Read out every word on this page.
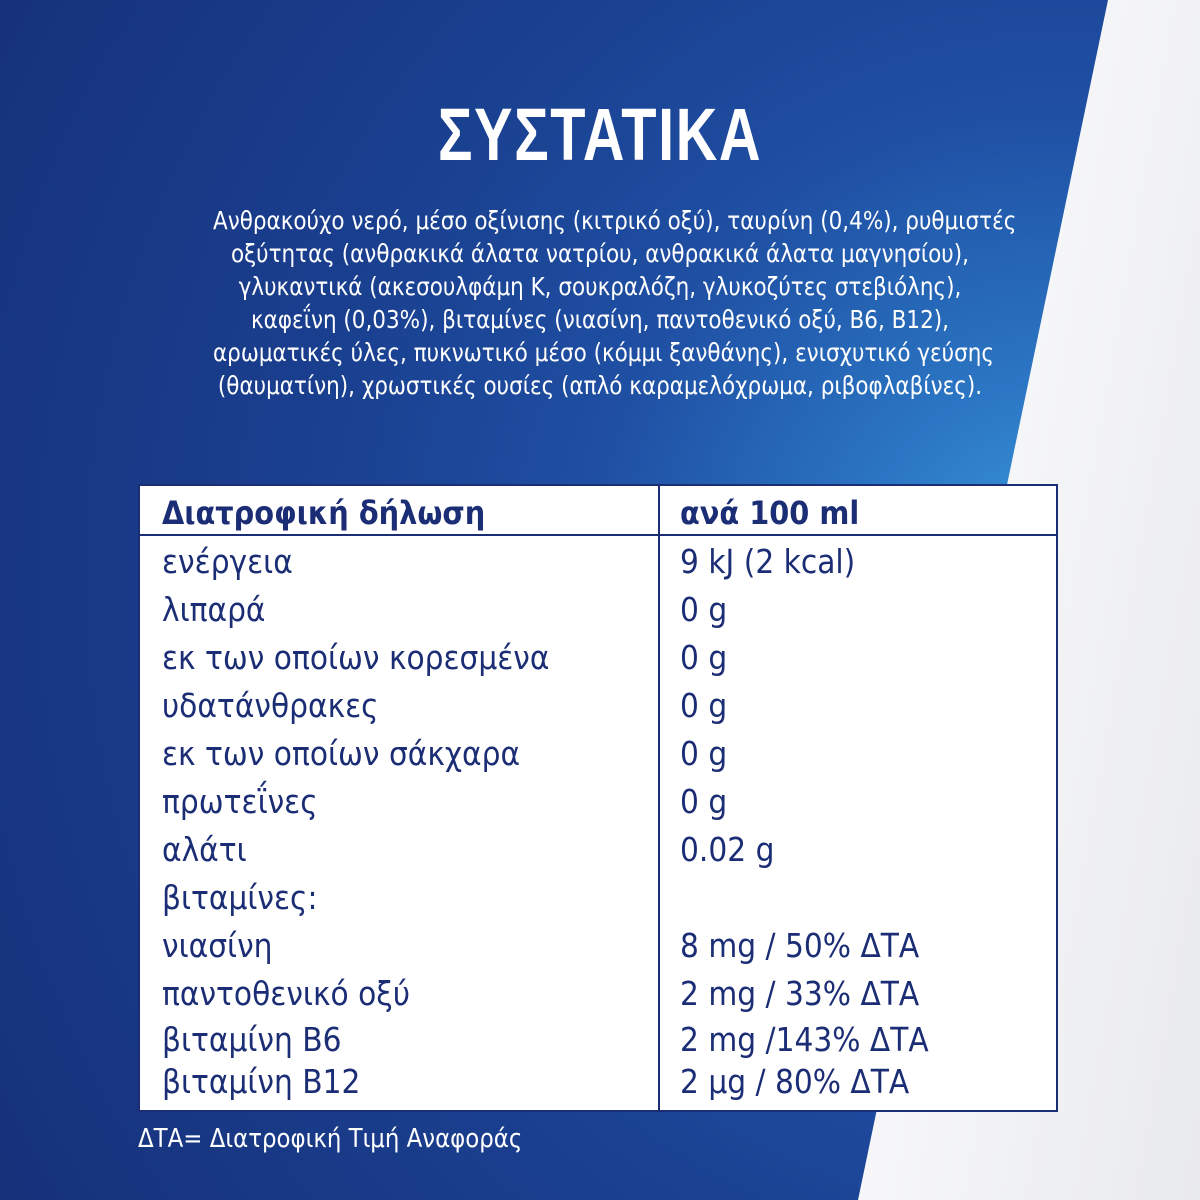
ΣΥΣΤΑΤΙΚΑ
Ανθρακούχο νερό, μέσο οξίνισης (κιτρικό οξύ), ταυρίνη (0,4%), ρυθμιστές
οξύτητας (ανθρακικά άλατα νατρίου, ανθρακικά άλατα μαγνησίου),
γλυκαντικά (ακεσουλφάμη Κ, σουκραλόζη, γλυκοζύτες στεβιόλης),
καφεΐνη (0,03%), βιταμίνες (νιασίνη, παντοθενικό οξύ, Β6, Β12),
αρωματικές ύλες, πυκνωτικό μέσο (κόμμι ξανθάνης), ενισχυτικό γεύσης
(θαυματίνη), χρωστικές ουσίες (απλό καραμελόχρωμα, ριβοφλαβίνες).
Διατροφική δήλωση	ανά 100 ml
ενέργεια	9 kJ (2 kcal)
λιπαρά	0 g
εκ των οποίων κορεσμένα	0 g
υδατάνθρακες	0 g
εκ των οποίων σάκχαρα	0 g
πρωτεΐνες	0 g
αλάτι	0.02 g
βιταμίνες:
νιασίνη	8 mg / 50% ΔΤΑ
παντοθενικό οξύ	2 mg / 33% ΔΤΑ
βιταμίνη Β6	2 mg /143% ΔΤΑ
βιταμίνη Β12	2 μg / 80% ΔΤΑ
ΔΤΑ= Διατροφική Τιμή Αναφοράς
